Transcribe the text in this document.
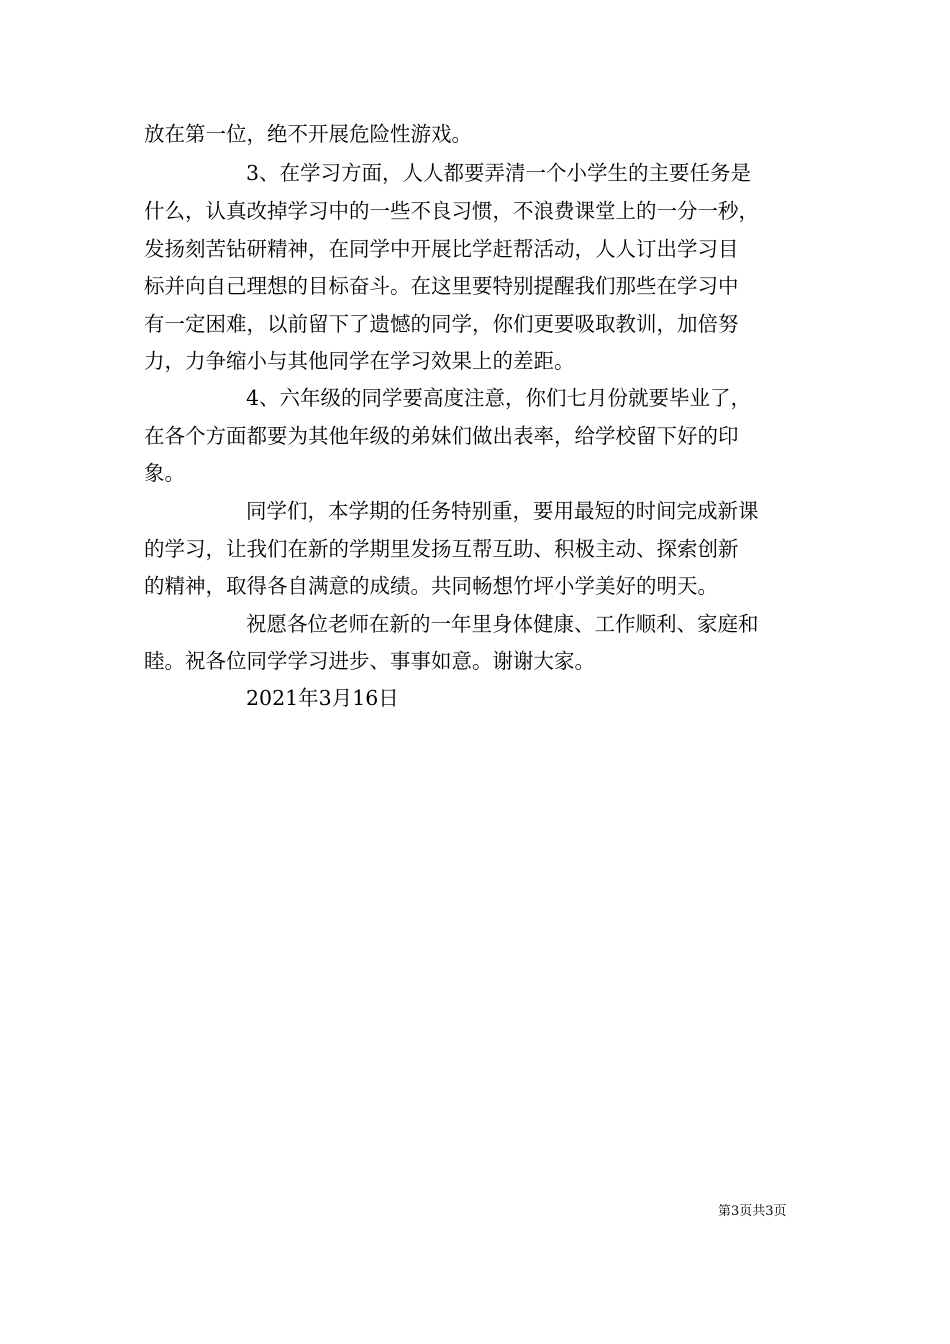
放在第一位，绝不开展危险性游戏。
3、在学习方面，人人都要弄清一个小学生的主要任务是
什么，认真改掉学习中的一些不良习惯，不浪费课堂上的一分一秒，
发扬刻苦钻研精神，在同学中开展比学赶帮活动，人人订出学习目
标并向自己理想的目标奋斗。在这里要特别提醒我们那些在学习中
有一定困难，以前留下了遗憾的同学，你们更要吸取教训，加倍努
力，力争缩小与其他同学在学习效果上的差距。
4、六年级的同学要高度注意，你们七月份就要毕业了，
在各个方面都要为其他年级的弟妹们做出表率，给学校留下好的印
象。
同学们，本学期的任务特别重，要用最短的时间完成新课
的学习，让我们在新的学期里发扬互帮互助、积极主动、探索创新
的精神，取得各自满意的成绩。共同畅想竹坪小学美好的明天。
祝愿各位老师在新的一年里身体健康、工作顺利、家庭和
睦。祝各位同学学习进步、事事如意。谢谢大家。
2021年3月16日
第3页共3页
